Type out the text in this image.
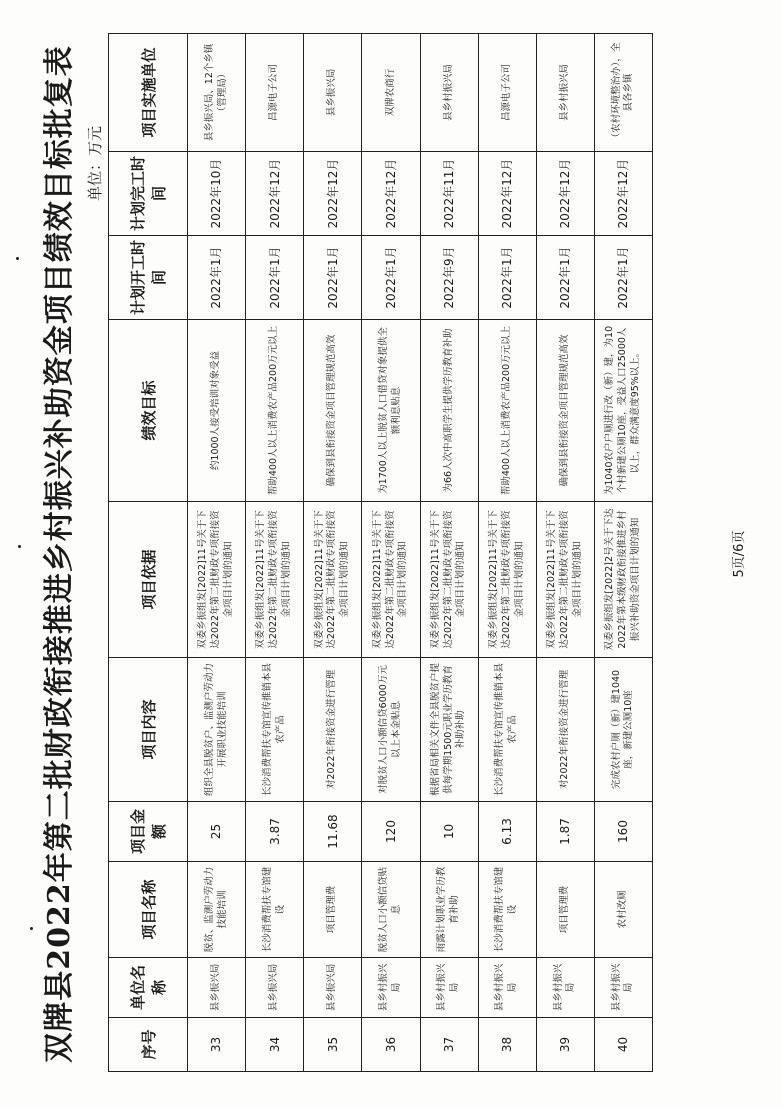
双牌县2022年第二批财政衔接推进乡村振兴补助资金项目绩效目标批复表 单位：万元
序号	单位名称	项目名称	项目金额	项目内容	项目依据	绩效目标	计划开工时间	计划完工时间	项目实施单位
33	县乡振兴局	脱贫、监测户劳动力技能培训	25	组织全县脱贫户、监测户劳动力开展职业技能培训	双委乡振组发[2022]11号关于下达2022年第二批财政专项衔接资金项目计划的通知	约1000人接受培训对象受益	2022年1月	2022年10月	县乡振兴局、12个乡镇（管理局）
34	县乡振兴局	长沙消费帮扶专馆建设	3.87	长沙消费帮扶专馆宣传推销本县农产品	双委乡振组发[2022]11号关于下达2022年第二批财政专项衔接资金项目计划的通知	帮助400人以上消费农产品200万元以上	2022年1月	2022年12月	昌源电子公司
35	县乡振兴局	项目管理费	11.68	对2022年衔接资金进行管理	双委乡振组发[2022]11号关于下达2022年第二批财政专项衔接资金项目计划的通知	确保到县衔接资金项目管理规范高效	2022年1月	2022年12月	县乡振兴局
36	县乡村振兴局	脱贫人口小额信贷贴息	120	对脱贫人口小额信贷6000万元以上本金贴息	双委乡振组发[2022]11号关于下达2022年第二批财政专项衔接资金项目计划的通知	为1700人以上脱贫人口借贷对象提供全额利息贴息	2022年1月	2022年12月	双牌农商行
37	县乡村振兴局	雨露计划职业学历教育补助	10	根据省局相关文件全县脱贫户提供每学期1500元职业学历教育补助补助	双委乡振组发[2022]11号关于下达2022年第二批财政专项衔接资金项目计划的通知	为66人次中高职学生提供学历教育补助	2022年9月	2022年11月	县乡村振兴局
38	县乡村振兴局	长沙消费帮扶专馆建设	6.13	长沙消费帮扶专馆宣传推销本县农产品	双委乡振组发[2022]11号关于下达2022年第二批财政专项衔接资金项目计划的通知	帮助400人以上消费农产品200万元以上	2022年1月	2022年12月	昌源电子公司
39	县乡村振兴局	项目管理费	1.87	对2022年衔接资金进行管理	双委乡振组发[2022]11号关于下达2022年第二批财政专项衔接资金项目计划的通知	确保到县衔接资金项目管理规范高效	2022年1月	2022年12月	县乡村振兴局
40	县乡村振兴局	农村改厕	160	完成农村户厕（新）建1040座，新建公厕10座	双委乡振组发[2022]2号关于下达2022年第本级财政衔接推进乡村振兴补助资金项目计划的通知	为1040农户户厕进行改（新）建，为10个村新建公厕10座，受益人口25000人以上，群众满意度95%以上。	2022年1月	2022年12月	（农村环境整治办），全县各乡镇
5页/6页
